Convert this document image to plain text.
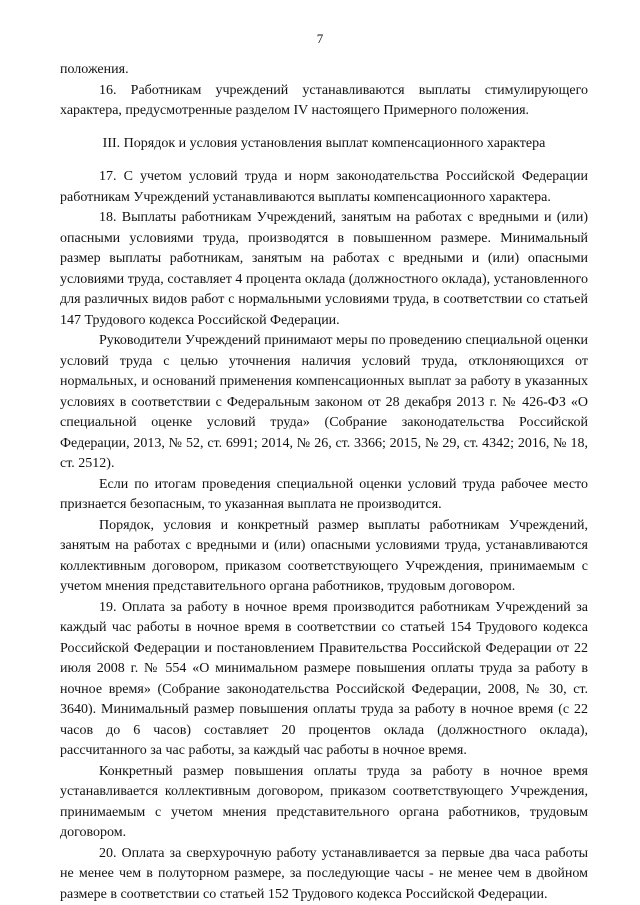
7

положения.

16. Работникам учреждений устанавливаются выплаты стимулирующего характера, предусмотренные разделом IV настоящего Примерного положения.

III. Порядок и условия установления выплат компенсационного характера

17. С учетом условий труда и норм законодательства Российской Федерации работникам Учреждений устанавливаются выплаты компенсационного характера.

18. Выплаты работникам Учреждений, занятым на работах с вредными и (или) опасными условиями труда, производятся в повышенном размере. Минимальный размер выплаты работникам, занятым на работах с вредными и (или) опасными условиями труда, составляет 4 процента оклада (должностного оклада), установленного для различных видов работ с нормальными условиями труда, в соответствии со статьей 147 Трудового кодекса Российской Федерации.

Руководители Учреждений принимают меры по проведению специальной оценки условий труда с целью уточнения наличия условий труда, отклоняющихся от нормальных, и оснований применения компенсационных выплат за работу в указанных условиях в соответствии с Федеральным законом от 28 декабря 2013 г. № 426-ФЗ «О специальной оценке условий труда» (Собрание законодательства Российской Федерации, 2013, № 52, ст. 6991; 2014, № 26, ст. 3366; 2015, № 29, ст. 4342; 2016, № 18, ст. 2512).

Если по итогам проведения специальной оценки условий труда рабочее место признается безопасным, то указанная выплата не производится.

Порядок, условия и конкретный размер выплаты работникам Учреждений, занятым на работах с вредными и (или) опасными условиями труда, устанавливаются коллективным договором, приказом соответствующего Учреждения, принимаемым с учетом мнения представительного органа работников, трудовым договором.

19. Оплата за работу в ночное время производится работникам Учреждений за каждый час работы в ночное время в соответствии со статьей 154 Трудового кодекса Российской Федерации и постановлением Правительства Российской Федерации от 22 июля 2008 г. № 554 «О минимальном размере повышения оплаты труда за работу в ночное время» (Собрание законодательства Российской Федерации, 2008, № 30, ст. 3640). Минимальный размер повышения оплаты труда за работу в ночное время (с 22 часов до 6 часов) составляет 20 процентов оклада (должностного оклада), рассчитанного за час работы, за каждый час работы в ночное время.

Конкретный размер повышения оплаты труда за работу в ночное время устанавливается коллективным договором, приказом соответствующего Учреждения, принимаемым с учетом мнения представительного органа работников, трудовым договором.

20. Оплата за сверхурочную работу устанавливается за первые два часа работы не менее чем в полуторном размере, за последующие часы - не менее чем в двойном размере в соответствии со статьей 152 Трудового кодекса Российской Федерации.
